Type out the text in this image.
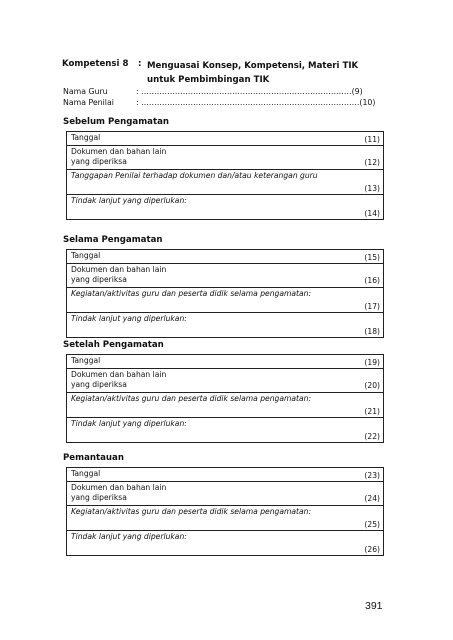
Kompetensi 8 : Menguasai Konsep, Kompetensi, Materi TIK untuk Pembimbingan TIK
Nama Guru	: ………………………………………………………………………(9)
Nama Penilai	: …………………………………………………………………………(10)
Sebelum Pengamatan
Tanggal	(11)

Dokumen dan bahan lain
yang diperiksa	(12)

Tanggapan Penilai terhadap dokumen dan/atau keterangan guru
(13)

Tindak lanjut yang diperlukan:
(14)
Selama Pengamatan
Tanggal	(15)

Dokumen dan bahan lain
yang diperiksa	(16)

Kegiatan/aktivitas guru dan peserta didik selama pengamatan:
(17)

Tindak lanjut yang diperlukan:
(18)
Setelah Pengamatan
Tanggal	(19)

Dokumen dan bahan lain
yang diperiksa	(20)

Kegiatan/aktivitas guru dan peserta didik selama pengamatan:
(21)

Tindak lanjut yang diperlukan:
(22)
Pemantauan
Tanggal	(23)

Dokumen dan bahan lain
yang diperiksa	(24)

Kegiatan/aktivitas guru dan peserta didik selama pengamatan:
(25)

Tindak lanjut yang diperlukan:
(26)
391
